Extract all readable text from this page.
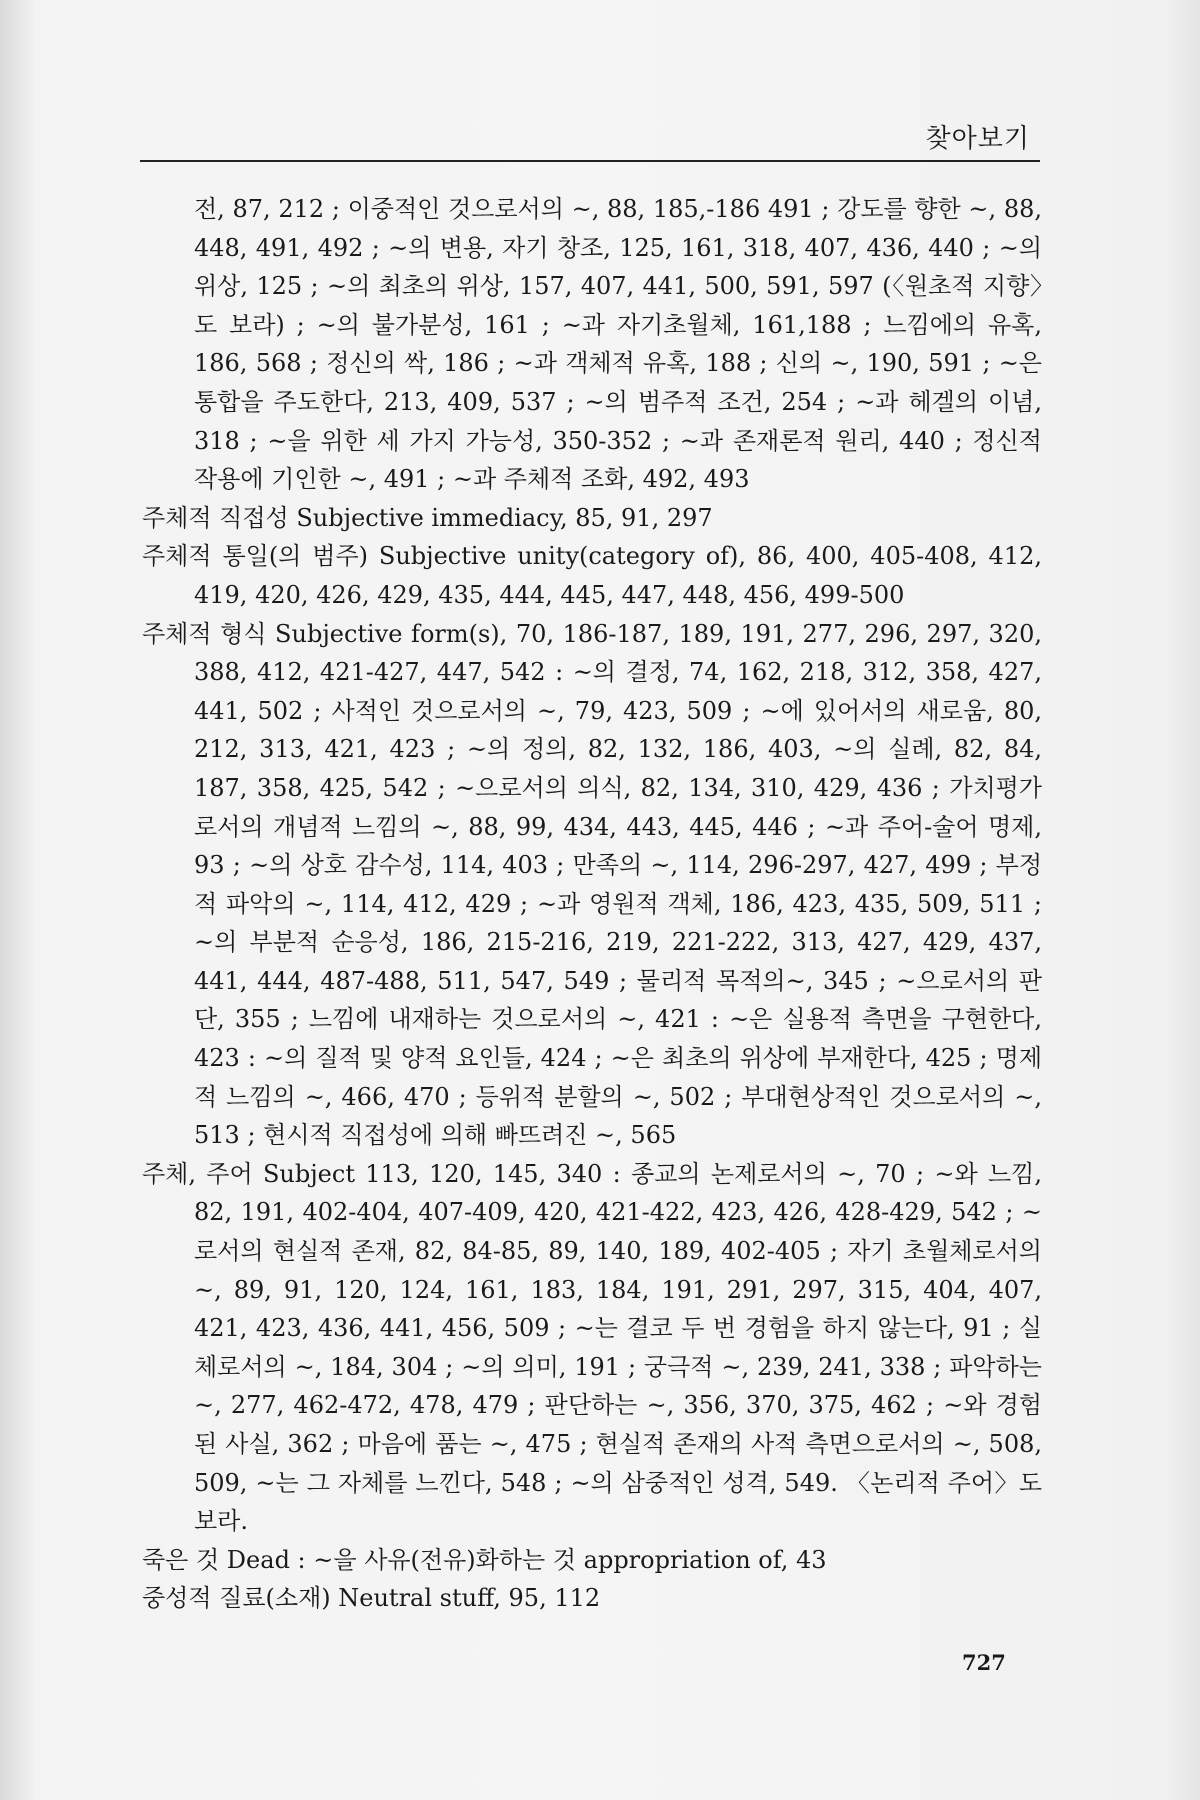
찾아보기
전, 87, 212 ; 이중적인 것으로서의 ~, 88, 185,-186 491 ; 강도를 향한 ~, 88, 448, 491, 492 ; ~의 변용, 자기 창조, 125, 161, 318, 407, 436, 440 ; ~의 위상, 125 ; ~의 최초의 위상, 157, 407, 441, 500, 591, 597 (〈원초적 지향〉도 보라) ; ~의 불가분성, 161 ; ~과 자기초월체, 161,188 ; 느낌에의 유혹, 186, 568 ; 정신의 싹, 186 ; ~과 객체적 유혹, 188 ; 신의 ~, 190, 591 ; ~은 통합을 주도한다, 213, 409, 537 ; ~의 범주적 조건, 254 ; ~과 헤겔의 이념, 318 ; ~을 위한 세 가지 가능성, 350-352 ; ~과 존재론적 원리, 440 ; 정신적 작용에 기인한 ~, 491 ; ~과 주체적 조화, 492, 493
주체적 직접성 Subjective immediacy, 85, 91, 297
주체적 통일(의 범주) Subjective unity(category of), 86, 400, 405-408, 412, 419, 420, 426, 429, 435, 444, 445, 447, 448, 456, 499-500
주체적 형식 Subjective form(s), 70, 186-187, 189, 191, 277, 296, 297, 320, 388, 412, 421-427, 447, 542 : ~의 결정, 74, 162, 218, 312, 358, 427, 441, 502 ; 사적인 것으로서의 ~, 79, 423, 509 ; ~에 있어서의 새로움, 80, 212, 313, 421, 423 ; ~의 정의, 82, 132, 186, 403, ~의 실례, 82, 84, 187, 358, 425, 542 ; ~으로서의 의식, 82, 134, 310, 429, 436 ; 가치평가로서의 개념적 느낌의 ~, 88, 99, 434, 443, 445, 446 ; ~과 주어-술어 명제, 93 ; ~의 상호 감수성, 114, 403 ; 만족의 ~, 114, 296-297, 427, 499 ; 부정적 파악의 ~, 114, 412, 429 ; ~과 영원적 객체, 186, 423, 435, 509, 511 ; ~의 부분적 순응성, 186, 215-216, 219, 221-222, 313, 427, 429, 437, 441, 444, 487-488, 511, 547, 549 ; 물리적 목적의~, 345 ; ~으로서의 판단, 355 ; 느낌에 내재하는 것으로서의 ~, 421 : ~은 실용적 측면을 구현한다, 423 : ~의 질적 및 양적 요인들, 424 ; ~은 최초의 위상에 부재한다, 425 ; 명제적 느낌의 ~, 466, 470 ; 등위적 분할의 ~, 502 ; 부대현상적인 것으로서의 ~, 513 ; 현시적 직접성에 의해 빠뜨려진 ~, 565
주체, 주어 Subject 113, 120, 145, 340 : 종교의 논제로서의 ~, 70 ; ~와 느낌, 82, 191, 402-404, 407-409, 420, 421-422, 423, 426, 428-429, 542 ; ~로서의 현실적 존재, 82, 84-85, 89, 140, 189, 402-405 ; 자기 초월체로서의 ~, 89, 91, 120, 124, 161, 183, 184, 191, 291, 297, 315, 404, 407, 421, 423, 436, 441, 456, 509 ; ~는 결코 두 번 경험을 하지 않는다, 91 ; 실체로서의 ~, 184, 304 ; ~의 의미, 191 ; 궁극적 ~, 239, 241, 338 ; 파악하는 ~, 277, 462-472, 478, 479 ; 판단하는 ~, 356, 370, 375, 462 ; ~와 경험된 사실, 362 ; 마음에 품는 ~, 475 ; 현실적 존재의 사적 측면으로서의 ~, 508, 509, ~는 그 자체를 느낀다, 548 ; ~의 삼중적인 성격, 549. 〈논리적 주어〉도 보라.
죽은 것 Dead : ~을 사유(전유)화하는 것 appropriation of, 43
중성적 질료(소재) Neutral stuff, 95, 112
727
